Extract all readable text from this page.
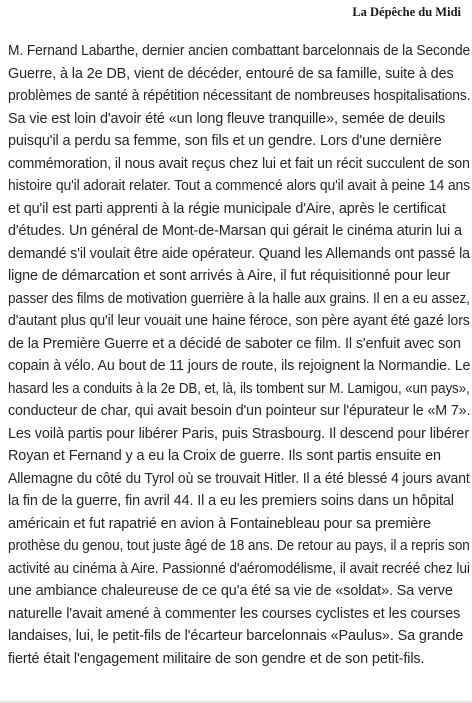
La Dépêche du Midi

M. Fernand Labarthe, dernier ancien combattant barcelonnais de la Seconde
Guerre, à la 2e DB, vient de décéder, entouré de sa famille, suite à des
problèmes de santé à répétition nécessitant de nombreuses hospitalisations.
Sa vie est loin d'avoir été «un long fleuve tranquille», semée de deuils
puisqu'il a perdu sa femme, son fils et un gendre. Lors d'une dernière
commémoration, il nous avait reçus chez lui et fait un récit succulent de son
histoire qu'il adorait relater. Tout a commencé alors qu'il avait à peine 14 ans
et qu'il est parti apprenti à la régie municipale d'Aire, après le certificat
d'études. Un général de Mont-de-Marsan qui gérait le cinéma aturin lui a
demandé s'il voulait être aide opérateur. Quand les Allemands ont passé la
ligne de démarcation et sont arrivés à Aire, il fut réquisitionné pour leur
passer des films de motivation guerrière à la halle aux grains. Il en a eu assez,
d'autant plus qu'il leur vouait une haine féroce, son père ayant été gazé lors
de la Première Guerre et a décidé de saboter ce film. Il s'enfuit avec son
copain à vélo. Au bout de 11 jours de route, ils rejoignent la Normandie. Le
hasard les a conduits à la 2e DB, et, là, ils tombent sur M. Lamigou, «un pays»,
conducteur de char, qui avait besoin d'un pointeur sur l'épurateur le «M 7».
Les voilà partis pour libérer Paris, puis Strasbourg. Il descend pour libérer
Royan et Fernand y a eu la Croix de guerre. Ils sont partis ensuite en
Allemagne du côté du Tyrol où se trouvait Hitler. Il a été blessé 4 jours avant
la fin de la guerre, fin avril 44. Il a eu les premiers soins dans un hôpital
américain et fut rapatrié en avion à Fontainebleau pour sa première
prothèse du genou, tout juste âgé de 18 ans. De retour au pays, il a repris son
activité au cinéma à Aire. Passionné d'aéromodélisme, il avait recréé chez lui
une ambiance chaleureuse de ce qu'a été sa vie de «soldat». Sa verve
naturelle l'avait amené à commenter les courses cyclistes et les courses
landaises, lui, le petit-fils de l'écarteur barcelonnais «Paulus». Sa grande
fierté était l'engagement militaire de son gendre et de son petit-fils.
